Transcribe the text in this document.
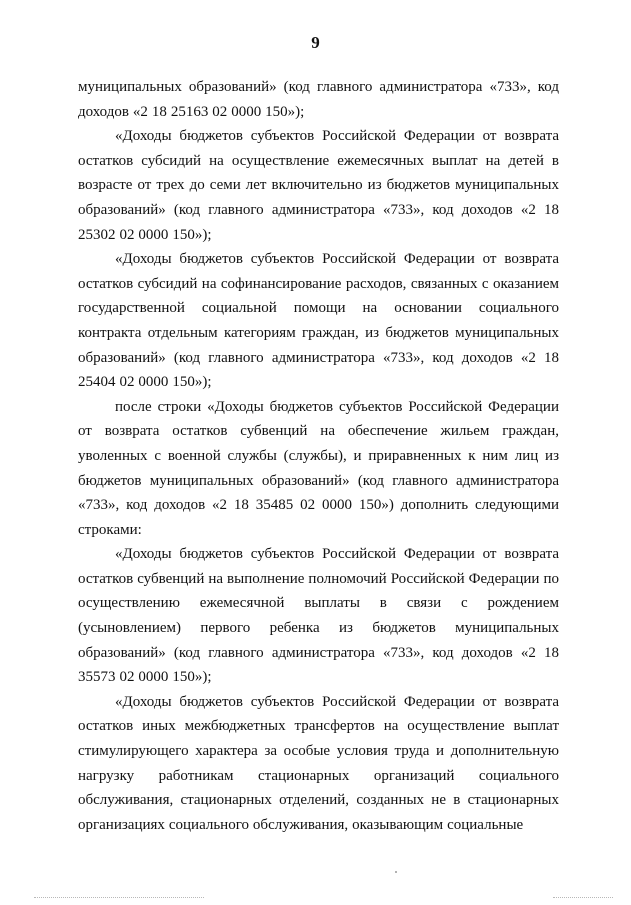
9

муниципальных образований» (код главного администратора «733», код доходов «2 18 25163 02 0000 150»);

«Доходы бюджетов субъектов Российской Федерации от возврата остатков субсидий на осуществление ежемесячных выплат на детей в возрасте от трех до семи лет включительно из бюджетов муниципальных образований» (код главного администратора «733», код доходов «2 18 25302 02 0000 150»);

«Доходы бюджетов субъектов Российской Федерации от возврата остатков субсидий на софинансирование расходов, связанных с оказанием государственной социальной помощи на основании социального контракта отдельным категориям граждан, из бюджетов муниципальных образований» (код главного администратора «733», код доходов «2 18 25404 02 0000 150»);

после строки «Доходы бюджетов субъектов Российской Федерации от возврата остатков субвенций на обеспечение жильем граждан, уволенных с военной службы (службы), и приравненных к ним лиц из бюджетов муниципальных образований» (код главного администратора «733», код доходов «2 18 35485 02 0000 150») дополнить следующими строками:

«Доходы бюджетов субъектов Российской Федерации от возврата остатков субвенций на выполнение полномочий Российской Федерации по осуществлению ежемесячной выплаты в связи с рождением (усыновлением) первого ребенка из бюджетов муниципальных образований» (код главного администратора «733», код доходов «2 18 35573 02 0000 150»);

«Доходы бюджетов субъектов Российской Федерации от возврата остатков иных межбюджетных трансфертов на осуществление выплат стимулирующего характера за особые условия труда и дополнительную нагрузку работникам стационарных организаций социального обслуживания, стационарных отделений, созданных не в стационарных организациях социального обслуживания, оказывающим социальные
